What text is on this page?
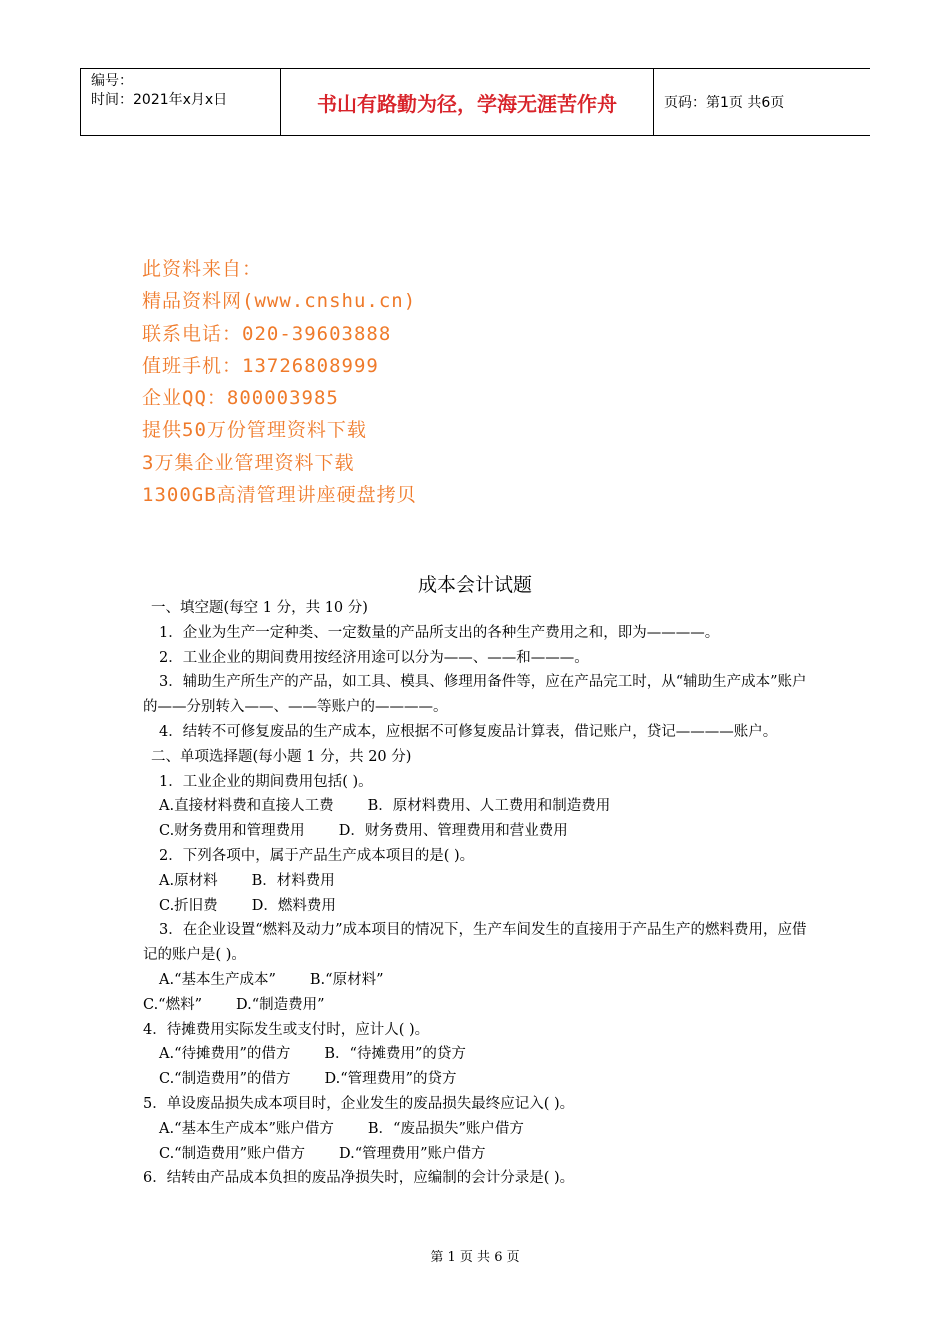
编号：
时间：2021年x月x日	书山有路勤为径，学海无涯苦作舟	页码：第1页 共6页
此资料来自：
精品资料网(www.cnshu.cn)
联系电话：020-39603888
值班手机：13726808999
企业QQ：800003985
提供50万份管理资料下载
3万集企业管理资料下载
1300GB高清管理讲座硬盘拷贝
成本会计试题

一、填空题(每空 1 分，共 10 分)

1．企业为生产一定种类、一定数量的产品所支出的各种生产费用之和，即为————。

2．工业企业的期间费用按经济用途可以分为——、——和———。

3．辅助生产所生产的产品，如工具、模具、修理用备件等，应在产品完工时，从“辅助生产成本”账户的——分别转入——、——等账户的————。

4．结转不可修复废品的生产成本，应根据不可修复废品计算表，借记账户，贷记————账户。

二、单项选择题(每小题 1 分，共 20 分)

1．工业企业的期间费用包括( )。

A.直接材料费和直接人工费 B．原材料费用、人工费用和制造费用

C.财务费用和管理费用 D．财务费用、管理费用和营业费用

2．下列各项中，属于产品生产成本项目的是( )。

A.原材料 B．材料费用

C.折旧费 D．燃料费用

3．在企业设置“燃料及动力”成本项目的情况下，生产车间发生的直接用于产品生产的燃料费用，应借记的账户是( )。

A.“基本生产成本” B.“原材料”

C.“燃料” D.“制造费用”

4．待摊费用实际发生或支付时，应计人( )。

A.“待摊费用”的借方 B．“待摊费用”的贷方

C.“制造费用”的借方 D.“管理费用”的贷方

5．单设废品损失成本项目时，企业发生的废品损失最终应记入( )。

A.“基本生产成本”账户借方 B．“废品损失”账户借方

C.“制造费用”账户借方 D.“管理费用”账户借方

6．结转由产品成本负担的废品净损失时，应编制的会计分录是( )。

第 1 页 共 6 页
